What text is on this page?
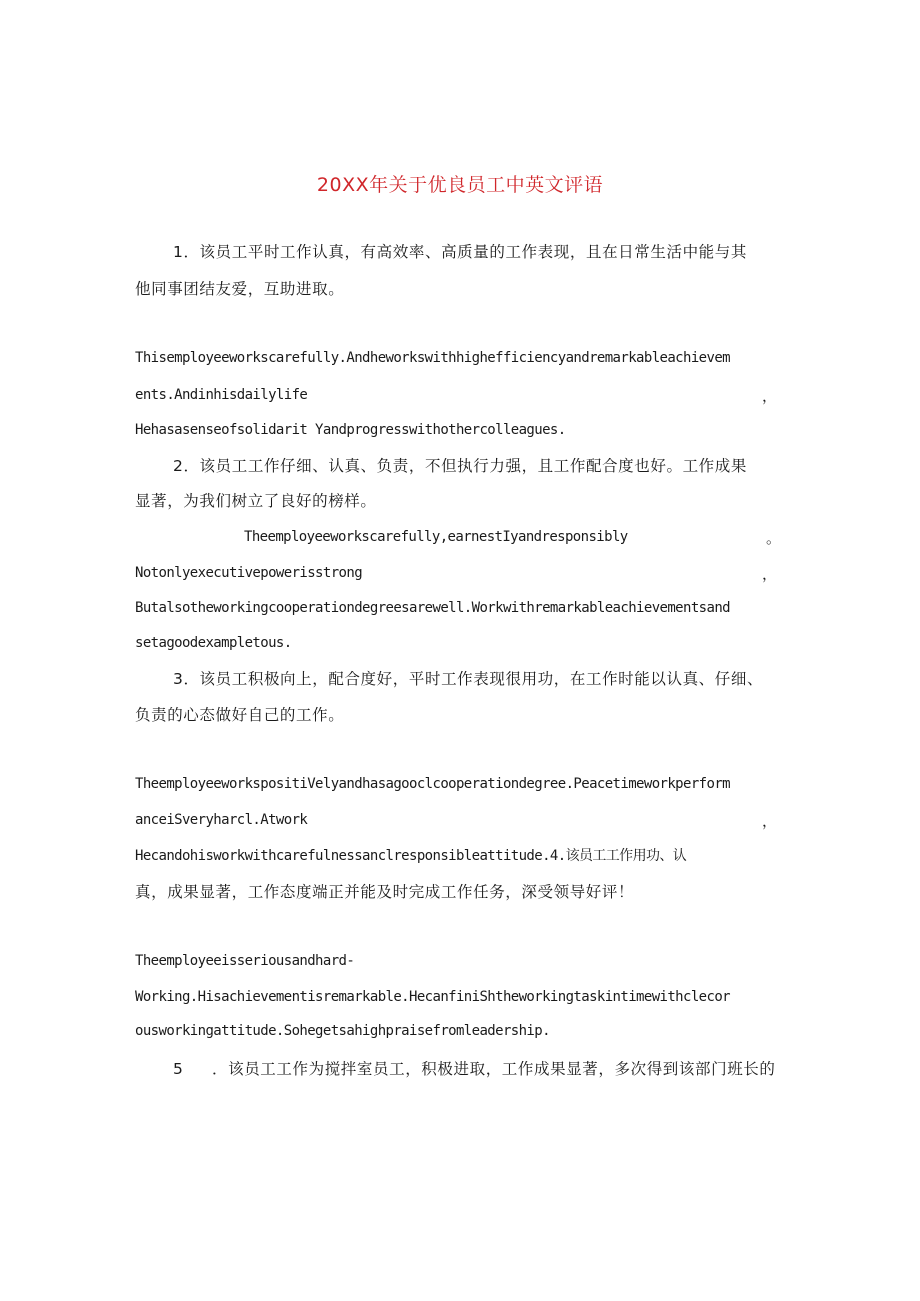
20XX年关于优良员工中英文评语
1．该员工平时工作认真，有高效率、高质量的工作表现，且在日常生活中能与其
他同事团结友爱，互助进取。
Thisemployeeworkscarefully.Andheworkswithhighefficiencyandremarkableachievem
ents.Andinhisdailylife	，
Hehasasenseofsolidarit Yandprogresswithothercolleagues.
2．该员工工作仔细、认真、负责，不但执行力强，且工作配合度也好。工作成果
显著，为我们树立了良好的榜样。
Theemployeeworkscarefully,earnestIyandresponsibly	。
Notonlyexecutivepowerisstrong	，
Butalsotheworkingcooperationdegreesarewell.Workwithremarkableachievementsand
setagoodexampletous.
3．该员工积极向上，配合度好，平时工作表现很用功，在工作时能以认真、仔细、
负责的心态做好自己的工作。
TheemployeeworkspositiVelyandhasagooclcooperationdegree.Peacetimeworkperform
anceiSveryharcl.Atwork	，
Hecandohisworkwithcarefulnessanclresponsibleattitude.4.该员工工作用功、认
真，成果显著，工作态度端正并能及时完成工作任务，深受领导好评！
Theemployeeisseriousandhard-
Working.Hisachievementisremarkable.HecanfiniShtheworkingtaskintimewithclecor
ousworkingattitude.Sohegetsahighpraisefromleadership.
5	．该员工工作为搅拌室员工，积极进取，工作成果显著，多次得到该部门班长的
